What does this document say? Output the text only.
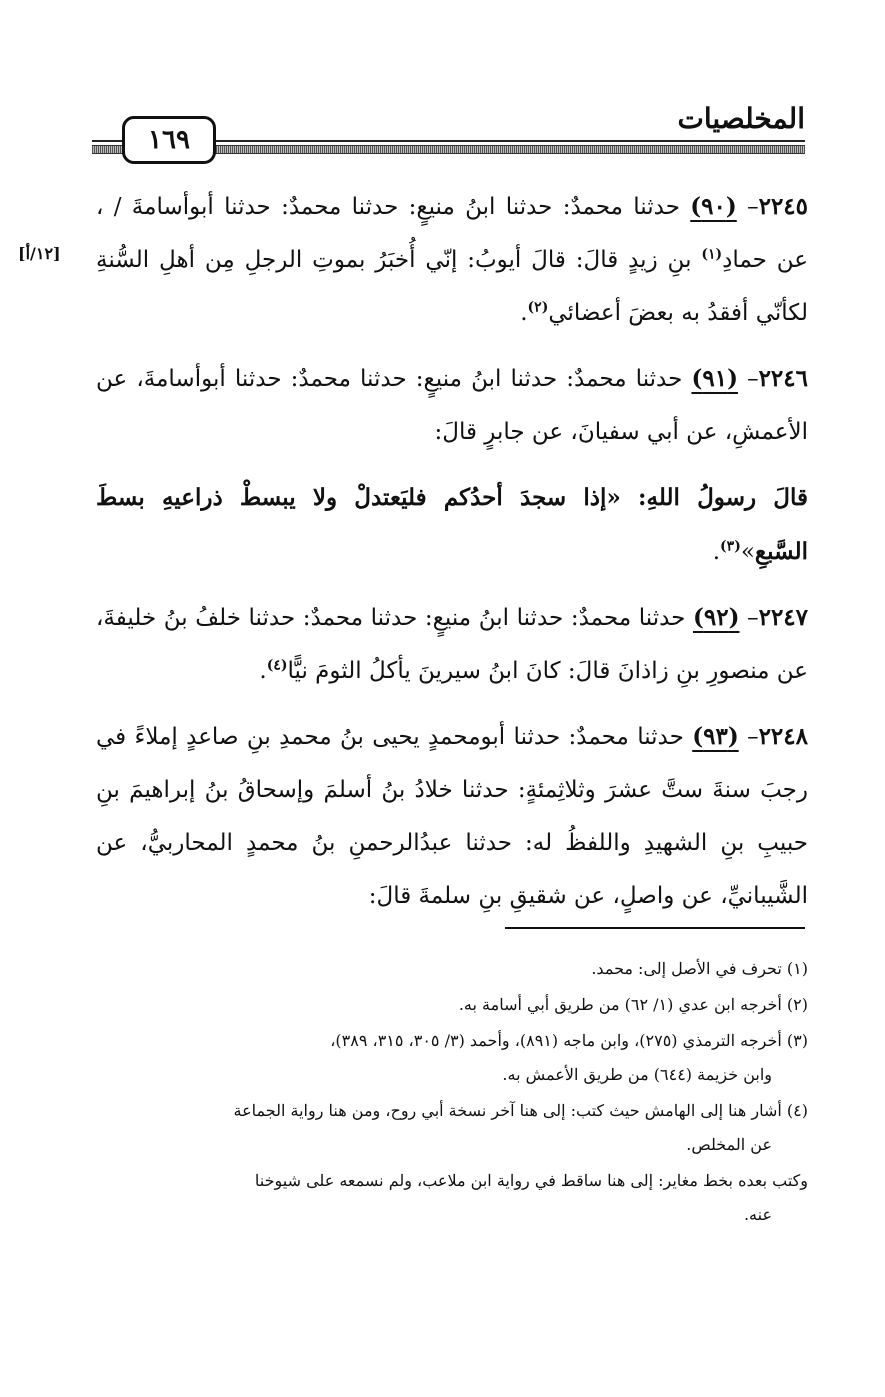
المخلصيات
١٦٩
[١٢/أ]
٢٢٤٥– (٩٠) حدثنا محمدٌ: حدثنا ابنُ منيعٍ: حدثنا محمدٌ: حدثنا أبوأسامةَ / ، عن حمادِ$^{(١)}$ بنِ زيدٍ قالَ: قالَ أيوبُ: إنّي أُخبَرُ بموتِ الرجلِ مِن أهلِ السُّنةِ لكأنّي أفقدُ به بعضَ أعضائي$^{(٢)}$.
٢٢٤٦– (٩١) حدثنا محمدٌ: حدثنا ابنُ منيعٍ: حدثنا محمدٌ: حدثنا أبوأسامةَ، عن الأعمشِ، عن أبي سفيانَ، عن جابرٍ قالَ:
قالَ رسولُ اللهِ: «إذا سجدَ أحدُكم فليَعتدلْ ولا يبسطْ ذراعيهِ بسطَ السَّبعِ»$^{(٣)}$.
٢٢٤٧– (٩٢) حدثنا محمدٌ: حدثنا ابنُ منيعٍ: حدثنا محمدٌ: حدثنا خلفُ بنُ خليفةَ، عن منصورِ بنِ زاذانَ قالَ: كانَ ابنُ سيرينَ يأكلُ الثومَ نيًّا$^{(٤)}$.
٢٢٤٨– (٩٣) حدثنا محمدٌ: حدثنا أبومحمدٍ يحيى بنُ محمدِ بنِ صاعدٍ إملاءً في رجبَ سنةَ ستَّ عشرَ وثلاثِمئةٍ: حدثنا خلادُ بنُ أسلمَ وإسحاقُ بنُ إبراهيمَ بنِ حبيبِ بنِ الشهيدِ واللفظُ له: حدثنا عبدُالرحمنِ بنُ محمدٍ المحاربيُّ، عن الشَّيبانيِّ، عن واصلٍ، عن شقيقِ بنِ سلمةَ قالَ:
(١) تحرف في الأصل إلى: محمد.
(٢) أخرجه ابن عدي (١/ ٦٢) من طريق أبي أسامة به.
(٣) أخرجه الترمذي (٢٧٥)، وابن ماجه (٨٩١)، وأحمد (٣/ ٣٠٥، ٣١٥، ٣٨٩)،
وابن خزيمة (٦٤٤) من طريق الأعمش به.
(٤) أشار هنا إلى الهامش حيث كتب: إلى هنا آخر نسخة أبي روح، ومن هنا رواية الجماعة
عن المخلص.
وكتب بعده بخط مغاير: إلى هنا ساقط في رواية ابن ملاعب، ولم نسمعه على شيوخنا
عنه.
